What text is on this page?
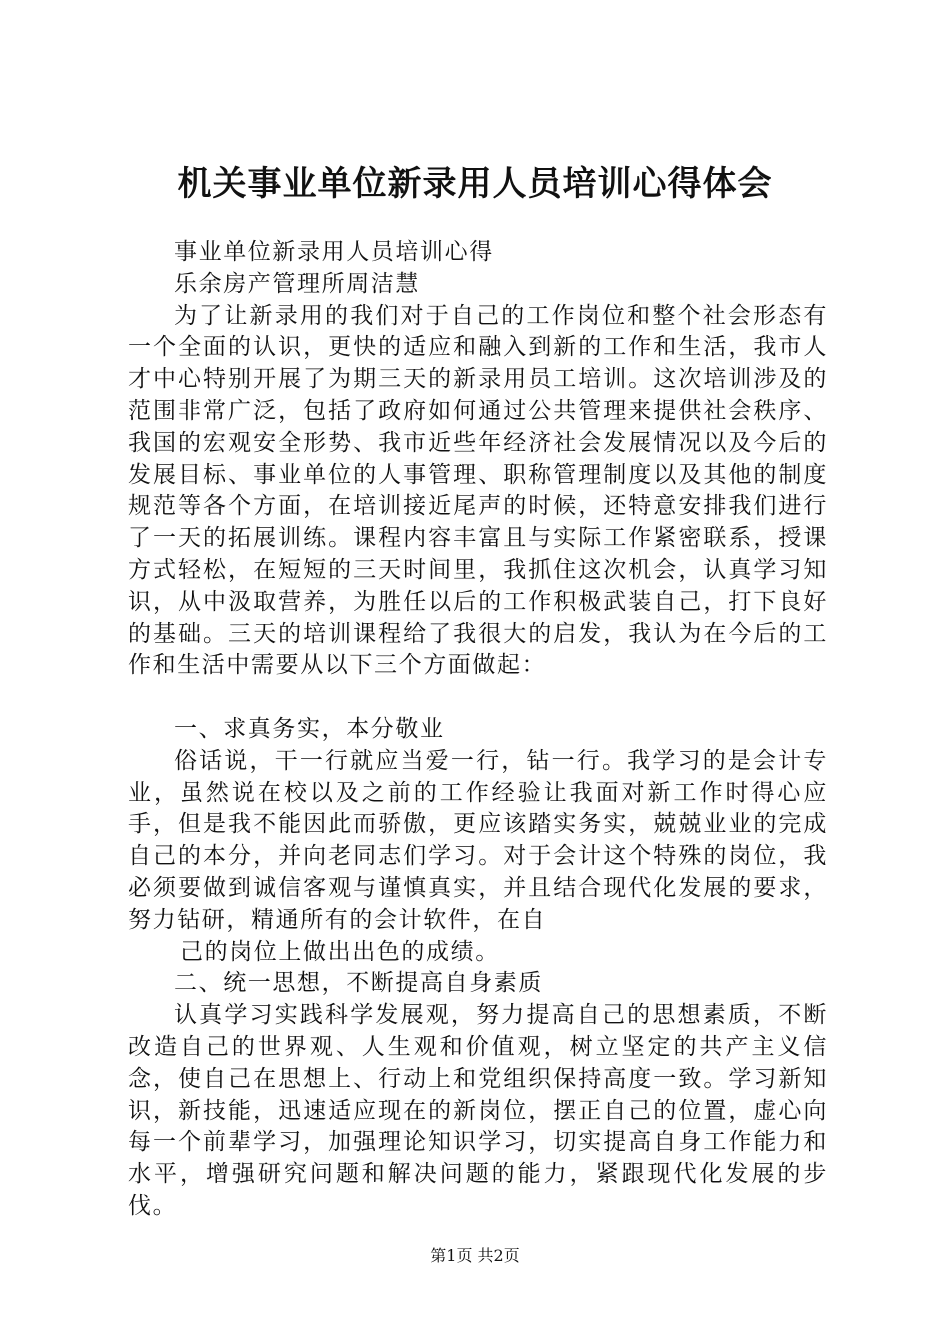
机关事业单位新录用人员培训心得体会

事业单位新录用人员培训心得

乐余房产管理所周洁慧

为了让新录用的我们对于自己的工作岗位和整个社会形态有一个全面的认识，更快的适应和融入到新的工作和生活，我市人才中心特别开展了为期三天的新录用员工培训。这次培训涉及的范围非常广泛，包括了政府如何通过公共管理来提供社会秩序、我国的宏观安全形势、我市近些年经济社会发展情况以及今后的发展目标、事业单位的人事管理、职称管理制度以及其他的制度规范等各个方面，在培训接近尾声的时候，还特意安排我们进行了一天的拓展训练。课程内容丰富且与实际工作紧密联系，授课方式轻松，在短短的三天时间里，我抓住这次机会，认真学习知识，从中汲取营养，为胜任以后的工作积极武装自己，打下良好的基础。三天的培训课程给了我很大的启发，我认为在今后的工作和生活中需要从以下三个方面做起：

一、求真务实，本分敬业

俗话说，干一行就应当爱一行，钻一行。我学习的是会计专业，虽然说在校以及之前的工作经验让我面对新工作时得心应手，但是我不能因此而骄傲，更应该踏实务实，兢兢业业的完成自己的本分，并向老同志们学习。对于会计这个特殊的岗位，我必须要做到诚信客观与谨慎真实，并且结合现代化发展的要求，努力钻研，精通所有的会计软件，在自

己的岗位上做出出色的成绩。

二、统一思想，不断提高自身素质

认真学习实践科学发展观，努力提高自己的思想素质，不断改造自己的世界观、人生观和价值观，树立坚定的共产主义信念，使自己在思想上、行动上和党组织保持高度一致。学习新知识，新技能，迅速适应现在的新岗位，摆正自己的位置，虚心向每一个前辈学习，加强理论知识学习，切实提高自身工作能力和水平，增强研究问题和解决问题的能力，紧跟现代化发展的步伐。

第1页 共2页
